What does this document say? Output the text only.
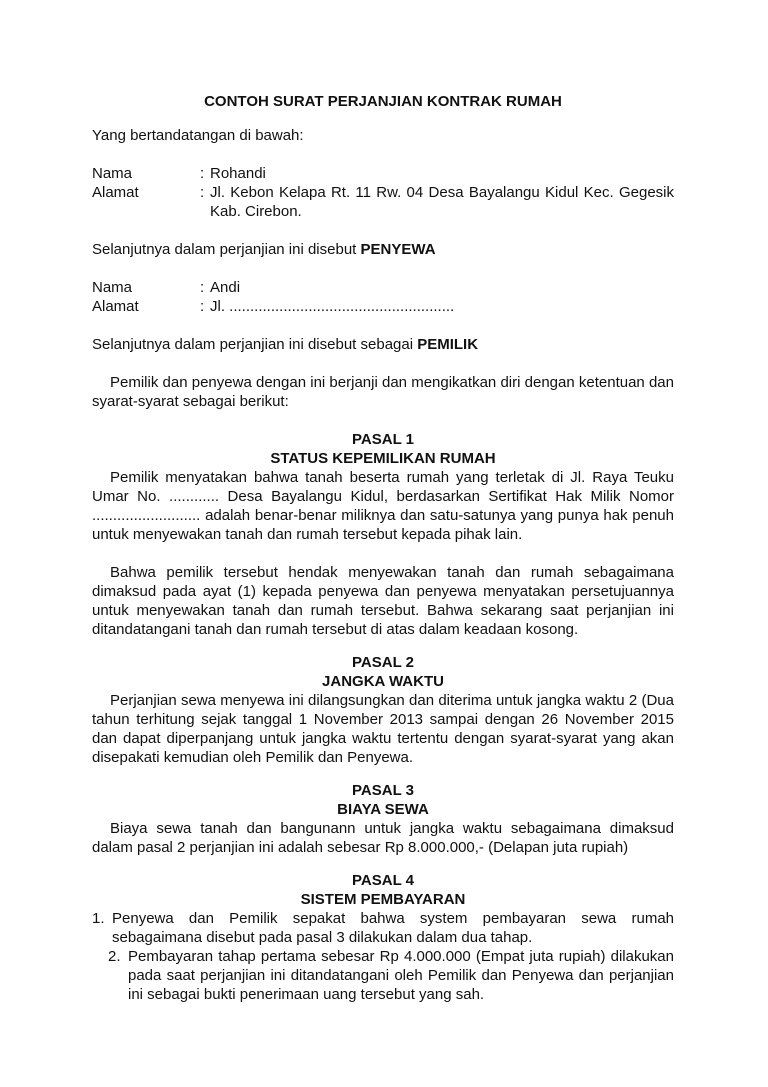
CONTOH SURAT PERJANJIAN KONTRAK RUMAH

Yang bertandatangan di bawah:

Nama	: Rohandi
Alamat	: Jl. Kebon Kelapa Rt. 11 Rw. 04 Desa Bayalangu Kidul Kec. Gegesik Kab. Cirebon.

Selanjutnya dalam perjanjian ini disebut PENYEWA

Nama	: Andi
Alamat	: Jl. ......................................................

Selanjutnya dalam perjanjian ini disebut sebagai PEMILIK

Pemilik dan penyewa dengan ini berjanji dan mengikatkan diri dengan ketentuan dan syarat-syarat sebagai berikut:

PASAL 1

STATUS KEPEMILIKAN RUMAH

Pemilik menyatakan bahwa tanah beserta rumah yang terletak di Jl. Raya Teuku Umar No. ............ Desa Bayalangu Kidul, berdasarkan Sertifikat Hak Milik Nomor .......................... adalah benar-benar miliknya dan satu-satunya yang punya hak penuh untuk menyewakan tanah dan rumah tersebut kepada pihak lain.

Bahwa pemilik tersebut hendak menyewakan tanah dan rumah sebagaimana dimaksud pada ayat (1) kepada penyewa dan penyewa menyatakan persetujuannya untuk menyewakan tanah dan rumah tersebut. Bahwa sekarang saat perjanjian ini ditandatangani tanah dan rumah tersebut di atas dalam keadaan kosong.

PASAL 2

JANGKA WAKTU

Perjanjian sewa menyewa ini dilangsungkan dan diterima untuk jangka waktu 2 (Dua tahun terhitung sejak tanggal 1 November 2013 sampai dengan 26 November 2015 dan dapat diperpanjang untuk jangka waktu tertentu dengan syarat-syarat yang akan disepakati kemudian oleh Pemilik dan Penyewa.

PASAL 3

BIAYA SEWA

Biaya sewa tanah dan bangunann untuk jangka waktu sebagaimana dimaksud dalam pasal 2 perjanjian ini adalah sebesar Rp 8.000.000,- (Delapan juta rupiah)

PASAL 4

SISTEM PEMBAYARAN

1. Penyewa dan Pemilik sepakat bahwa system pembayaran sewa rumah sebagaimana disebut pada pasal 3 dilakukan dalam dua tahap.
2. Pembayaran tahap pertama sebesar Rp 4.000.000 (Empat juta rupiah) dilakukan pada saat perjanjian ini ditandatangani oleh Pemilik dan Penyewa dan perjanjian ini sebagai bukti penerimaan uang tersebut yang sah.
